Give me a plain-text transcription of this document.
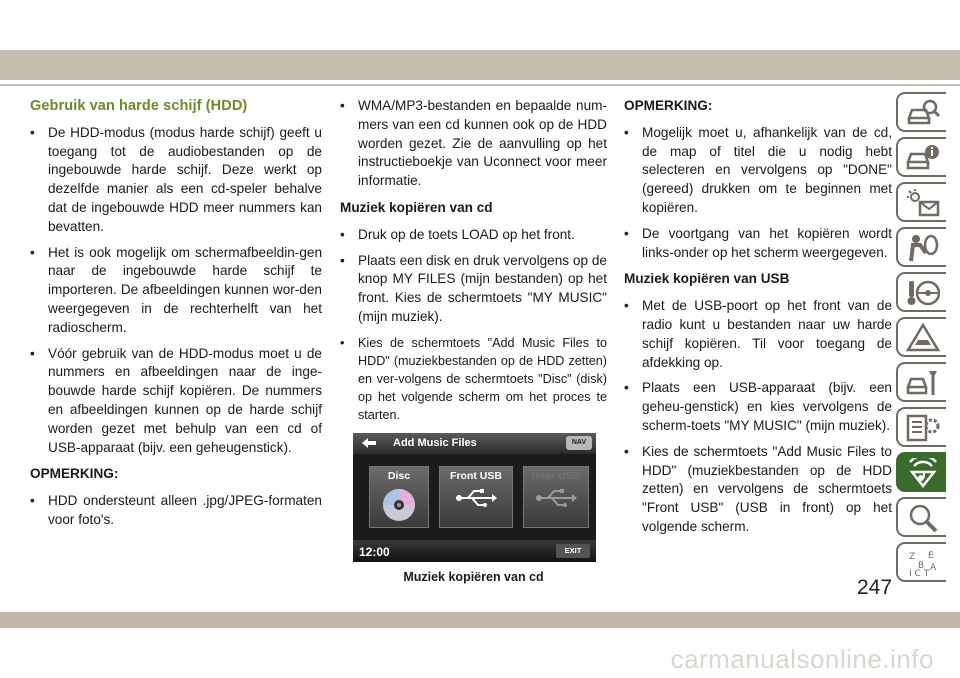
Gebruik van harde schijf (HDD)

• De HDD-modus (modus harde schijf) geeft u toegang tot de audiobestanden op de ingebouwde harde schijf. Deze werkt op dezelfde manier als een cd-speler behalve dat de ingebouwde HDD meer nummers kan bevatten.

• Het is ook mogelijk om schermafbeeldin-gen naar de ingebouwde harde schijf te importeren. De afbeeldingen kunnen wor-den weergegeven in de rechterhelft van het radioscherm.

• Vóór gebruik van de HDD-modus moet u de nummers en afbeeldingen naar de inge-bouwde harde schijf kopiëren. De nummers en afbeeldingen kunnen op de harde schijf worden gezet met behulp van een cd of USB-apparaat (bijv. een geheugenstick).

OPMERKING:

• HDD ondersteunt alleen .jpg/JPEG-formaten voor foto's.

• WMA/MP3-bestanden en bepaalde num-mers van een cd kunnen ook op de HDD worden gezet. Zie de aanvulling op het instructieboekje van Uconnect voor meer informatie.

Muziek kopiëren van cd

• Druk op de toets LOAD op het front.

• Plaats een disk en druk vervolgens op de knop MY FILES (mijn bestanden) op het front. Kies de schermtoets "MY MUSIC" (mijn muziek).

• Kies de schermtoets "Add Music Files to HDD" (muziekbestanden op de HDD zetten) en ver-volgens de schermtoets "Disc" (disk) op het volgende scherm om het proces te starten.

Add Music Files	NAV
Disc	Front USB	Rear USB
12:00	EXIT
Muziek kopiëren van cd
OPMERKING:

• Mogelijk moet u, afhankelijk van de cd, de map of titel die u nodig hebt selecteren en vervolgens op "DONE" (gereed) drukken om te beginnen met kopiëren.

• De voortgang van het kopiëren wordt links-onder op het scherm weergegeven.

Muziek kopiëren van USB

• Met de USB-poort op het front van de radio kunt u bestanden naar uw harde schijf kopiëren. Til voor toegang de afdekking op.

• Plaats een USB-apparaat (bijv. een geheu-genstick) en kies vervolgens de scherm-toets "MY MUSIC" (mijn muziek).

• Kies de schermtoets "Add Music Files to HDD" (muziekbestanden op de HDD zetten) en vervolgens de schermtoets "Front USB" (USB in front) op het volgende scherm.

Z E
B A
I C T
247
carmanualsonline.info
